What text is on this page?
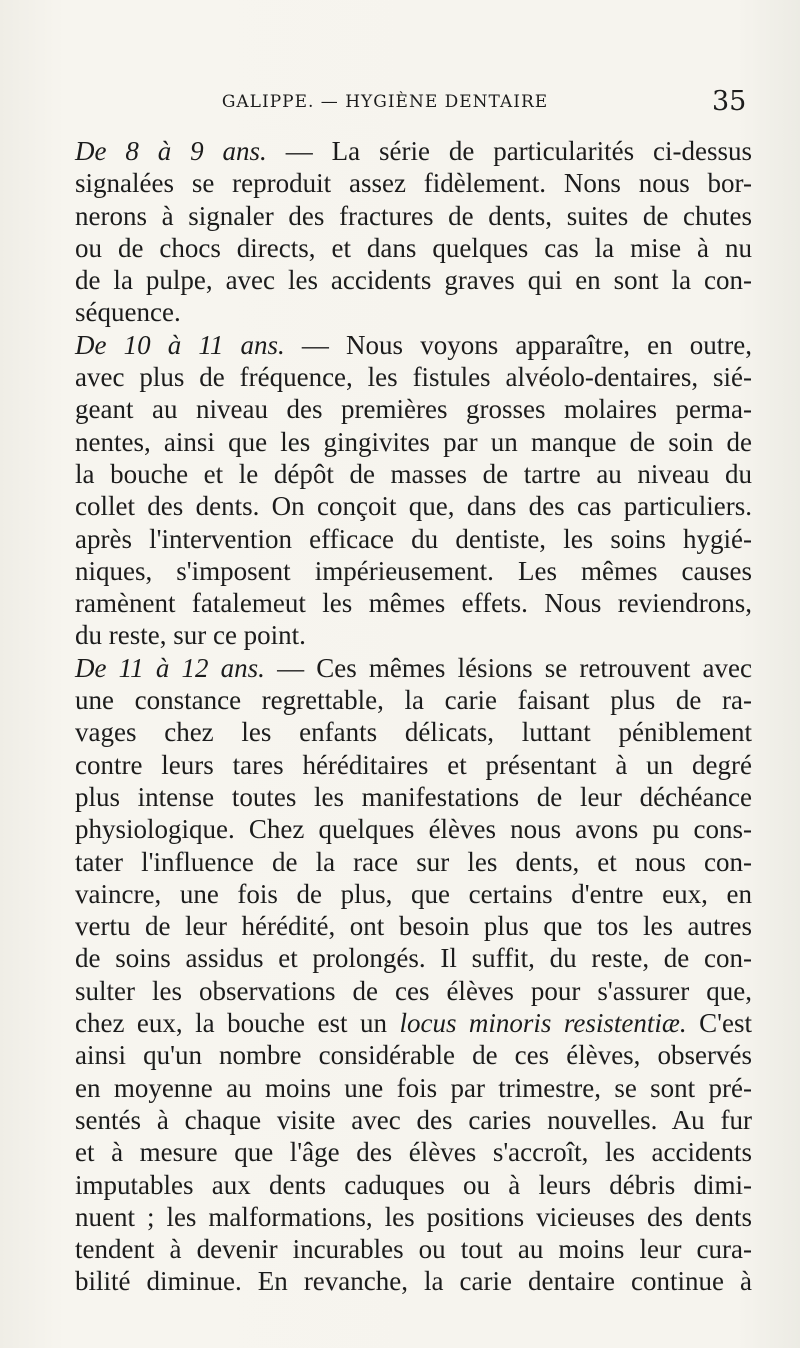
GALIPPE. — HYGIÈNE DENTAIRE	35
De 8 à 9 ans. — La série de particularités ci-dessus
signalées se reproduit assez fidèlement. Nons nous bor-
nerons à signaler des fractures de dents, suites de chutes
ou de chocs directs, et dans quelques cas la mise à nu
de la pulpe, avec les accidents graves qui en sont la con-
séquence.
De 10 à 11 ans. — Nous voyons apparaître, en outre,
avec plus de fréquence, les fistules alvéolo-dentaires, sié-
geant au niveau des premières grosses molaires perma-
nentes, ainsi que les gingivites par un manque de soin de
la bouche et le dépôt de masses de tartre au niveau du
collet des dents. On conçoit que, dans des cas particuliers.
après l'intervention efficace du dentiste, les soins hygié-
niques, s'imposent impérieusement. Les mêmes causes
ramènent fatalemeut les mêmes effets. Nous reviendrons,
du reste, sur ce point.
De 11 à 12 ans. — Ces mêmes lésions se retrouvent avec
une constance regrettable, la carie faisant plus de ra-
vages chez les enfants délicats, luttant péniblement
contre leurs tares héréditaires et présentant à un degré
plus intense toutes les manifestations de leur déchéance
physiologique. Chez quelques élèves nous avons pu cons-
tater l'influence de la race sur les dents, et nous con-
vaincre, une fois de plus, que certains d'entre eux, en
vertu de leur hérédité, ont besoin plus que tos les autres
de soins assidus et prolongés. Il suffit, du reste, de con-
sulter les observations de ces élèves pour s'assurer que,
chez eux, la bouche est un locus minoris resistentiæ. C'est
ainsi qu'un nombre considérable de ces élèves, observés
en moyenne au moins une fois par trimestre, se sont pré-
sentés à chaque visite avec des caries nouvelles. Au fur
et à mesure que l'âge des élèves s'accroît, les accidents
imputables aux dents caduques ou à leurs débris dimi-
nuent ; les malformations, les positions vicieuses des dents
tendent à devenir incurables ou tout au moins leur cura-
bilité diminue. En revanche, la carie dentaire continue à
